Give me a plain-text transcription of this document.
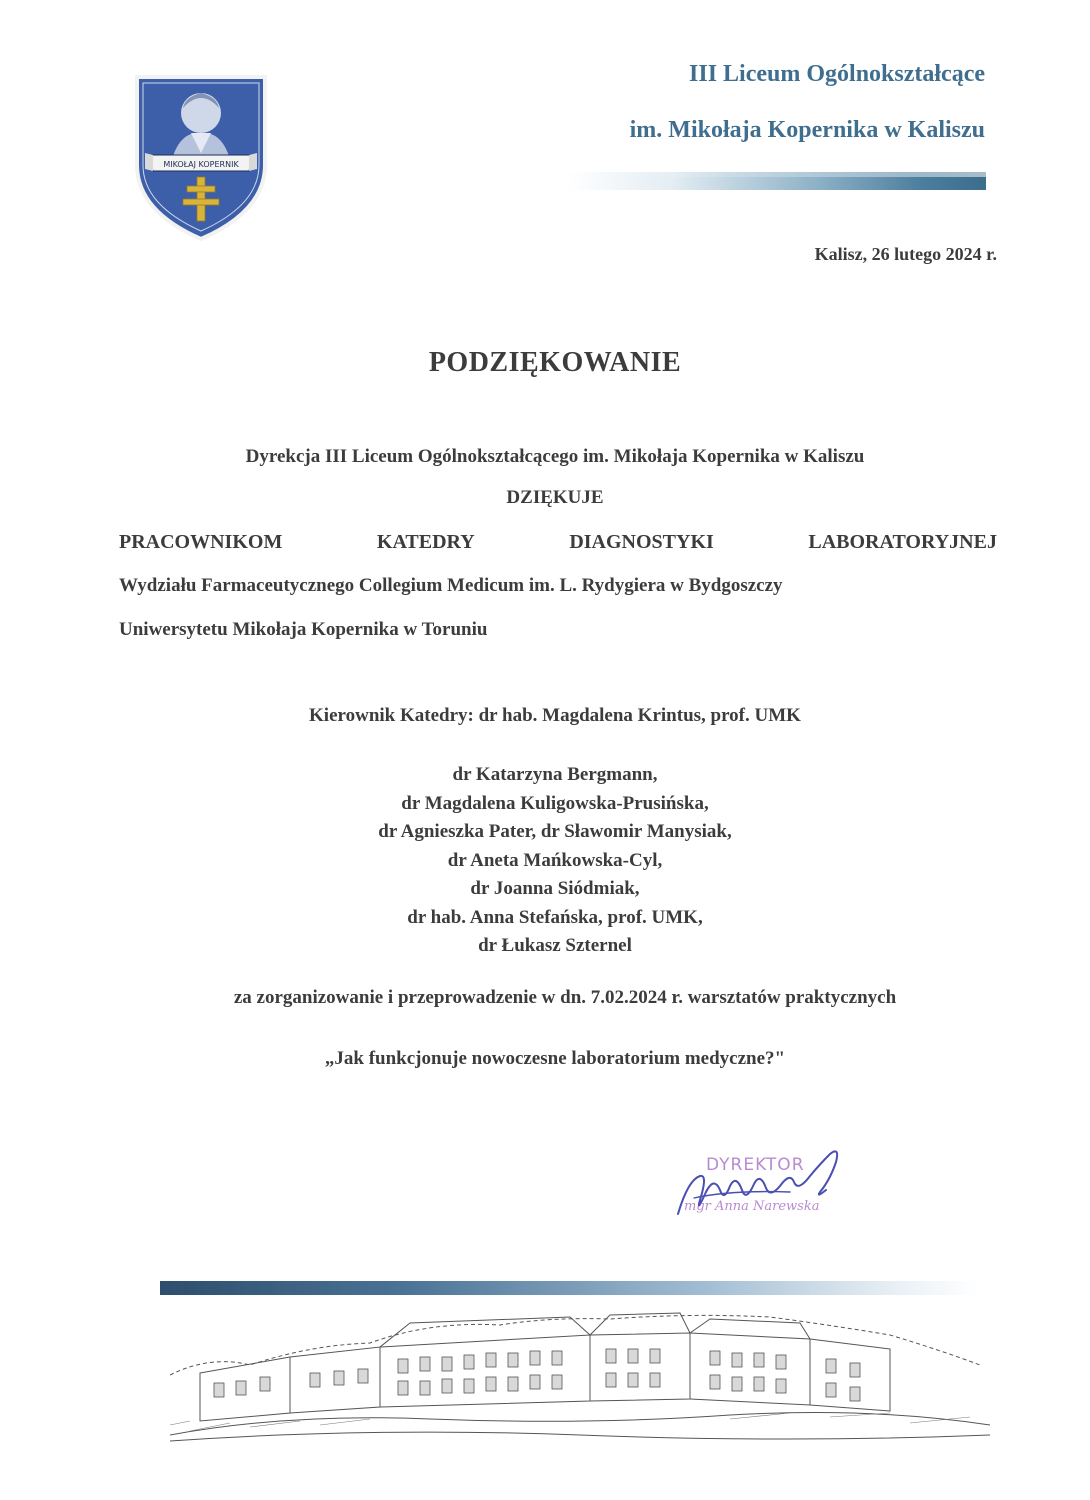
MIKOŁAJ KOPERNIK
III Liceum Ogólnokształcące
im. Mikołaja Kopernika w Kaliszu
Kalisz, 26 lutego 2024 r.
PODZIĘKOWANIE
Dyrekcja III Liceum Ogólnokształcącego im. Mikołaja Kopernika w Kaliszu
DZIĘKUJE
PRACOWNIKOM	KATEDRY	DIAGNOSTYKI	LABORATORYJNEJ
Wydziału Farmaceutycznego Collegium Medicum im. L. Rydygiera w Bydgoszczy
Uniwersytetu Mikołaja Kopernika w Toruniu
Kierownik Katedry: dr hab. Magdalena Krintus, prof. UMK
dr Katarzyna Bergmann,
dr Magdalena Kuligowska-Prusińska,
dr Agnieszka Pater, dr Sławomir Manysiak,
dr Aneta Mańkowska-Cyl,
dr Joanna Siódmiak,
dr hab. Anna Stefańska, prof. UMK,
dr Łukasz Szternel
za zorganizowanie i przeprowadzenie w dn. 7.02.2024 r. warsztatów praktycznych
„Jak funkcjonuje nowoczesne laboratorium medyczne?"
DYREKTOR
mgr Anna Narewska
